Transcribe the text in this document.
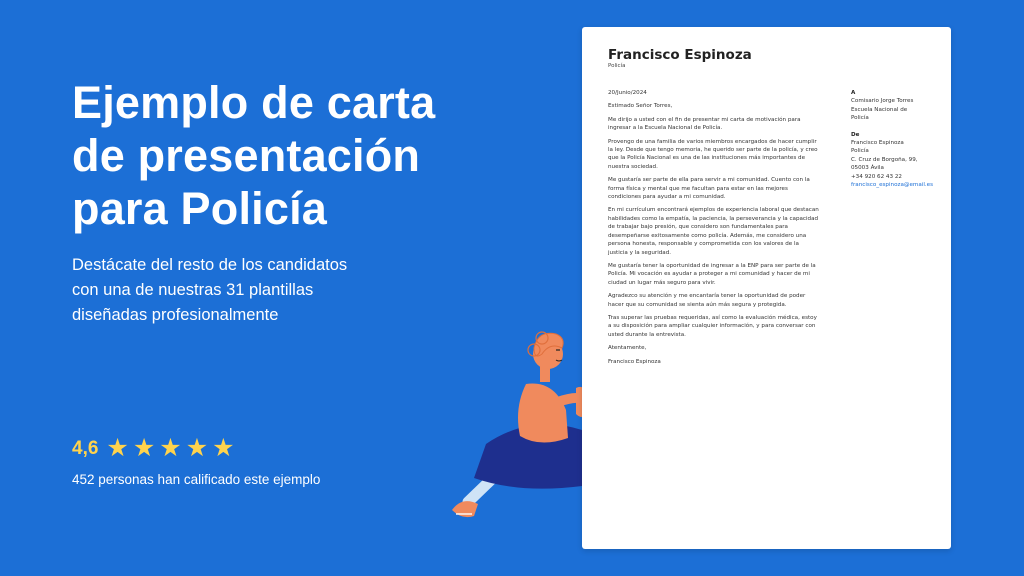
Ejemplo de carta de presentación para Policía

Destácate del resto de los candidatos con una de nuestras 31 plantillas diseñadas profesionalmente

4,6 ★ ★ ★ ★ ★
452 personas han calificado este ejemplo
Francisco Espinoza
Policía

20/Junio/2024

Estimado Señor Torres,

Me dirijo a usted con el fin de presentar mi carta de motivación para ingresar a la Escuela Nacional de Policía.

Provengo de una familia de varios miembros encargados de hacer cumplir la ley. Desde que tengo memoria, he querido ser parte de la policía, y creo que la Policía Nacional es una de las instituciones más importantes de nuestra sociedad.

Me gustaría ser parte de ella para servir a mi comunidad. Cuento con la forma física y mental que me facultan para estar en las mejores condiciones para ayudar a mi comunidad.

En mi currículum encontrará ejemplos de experiencia laboral que destacan habilidades como la empatía, la paciencia, la perseverancia y la capacidad de trabajar bajo presión, que considero son fundamentales para desempeñarse exitosamente como policía. Además, me considero una persona honesta, responsable y comprometida con los valores de la justicia y la seguridad.

Me gustaría tener la oportunidad de ingresar a la ENP para ser parte de la Policía. Mi vocación es ayudar a proteger a mi comunidad y hacer de mi ciudad un lugar más seguro para vivir.

Agradezco su atención y me encantaría tener la oportunidad de poder hacer que su comunidad se sienta aún más segura y protegida.

Tras superar las pruebas requeridas, así como la evaluación médica, estoy a su disposición para ampliar cualquier información, y para conversar con usted durante la entrevista.

Atentamente,

Francisco Espinoza

A
Comisario Jorge Torres
Escuela Nacional de
Policía
De
Francisco Espinoza
Policía
C. Cruz de Borgoña, 99,
05003 Ávila
+34 920 62 43 22
francisco_espinoza@email.es
